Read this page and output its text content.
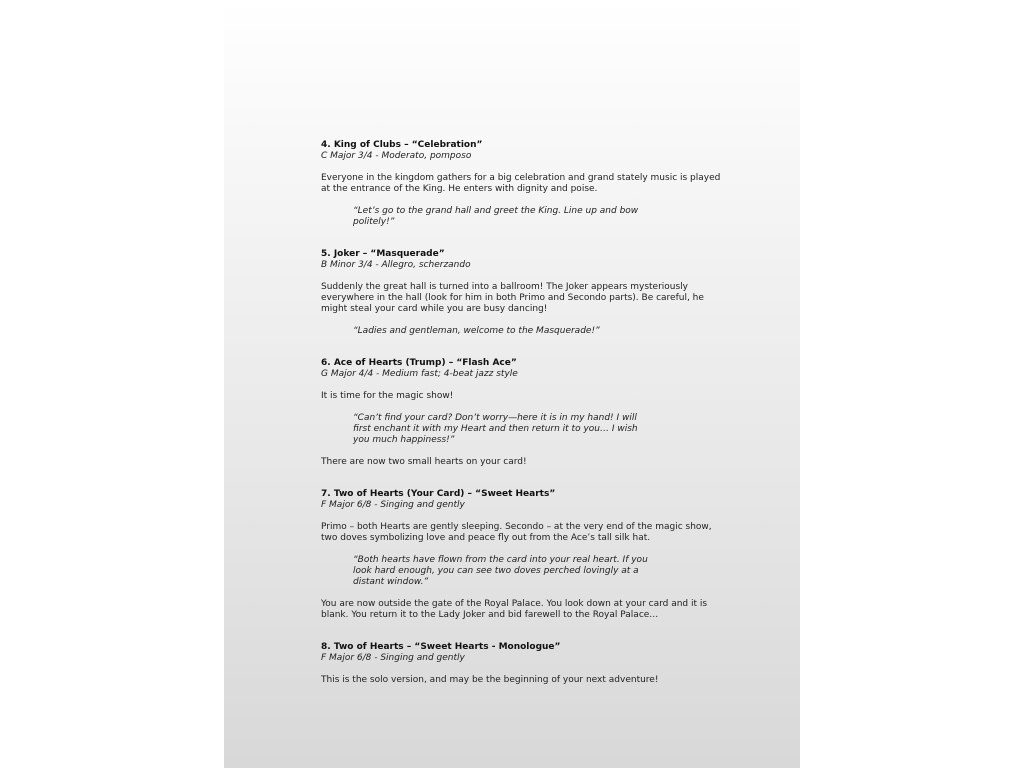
4. King of Clubs – “Celebration”

C Major 3/4 - Moderato, pomposo

Everyone in the kingdom gathers for a big celebration and grand stately music is played at the entrance of the King. He enters with dignity and poise.

“Let’s go to the grand hall and greet the King. Line up and bow politely!”

5. Joker – “Masquerade”

B Minor 3/4 - Allegro, scherzando

Suddenly the great hall is turned into a ballroom! The Joker appears mysteriously everywhere in the hall (look for him in both Primo and Secondo parts). Be careful, he might steal your card while you are busy dancing!

“Ladies and gentleman, welcome to the Masquerade!”

6. Ace of Hearts (Trump) – “Flash Ace”

G Major 4/4 - Medium fast; 4-beat jazz style

It is time for the magic show!

“Can’t find your card? Don’t worry—here it is in my hand! I will first enchant it with my Heart and then return it to you… I wish you much happiness!”

There are now two small hearts on your card!

7. Two of Hearts (Your Card) – “Sweet Hearts”

F Major 6/8 - Singing and gently

Primo – both Hearts are gently sleeping. Secondo – at the very end of the magic show, two doves symbolizing love and peace fly out from the Ace’s tall silk hat.

“Both hearts have flown from the card into your real heart. If you look hard enough, you can see two doves perched lovingly at a distant window.”

You are now outside the gate of the Royal Palace. You look down at your card and it is blank. You return it to the Lady Joker and bid farewell to the Royal Palace…

8. Two of Hearts – “Sweet Hearts - Monologue”

F Major 6/8 - Singing and gently

This is the solo version, and may be the beginning of your next adventure!
